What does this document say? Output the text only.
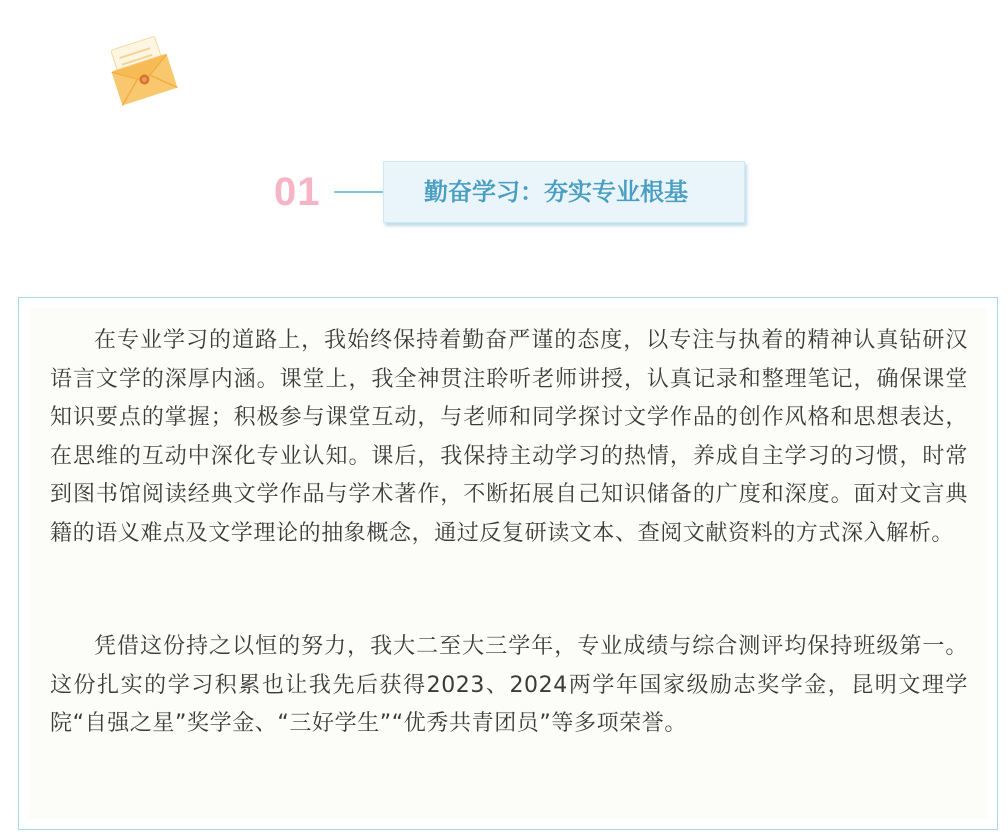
01	勤奋学习：夯实专业根基

在专业学习的道路上，我始终保持着勤奋严谨的态度，以专注与执着的精神认真钻研汉语言文学的深厚内涵。课堂上，我全神贯注聆听老师讲授，认真记录和整理笔记，确保课堂知识要点的掌握；积极参与课堂互动，与老师和同学探讨文学作品的创作风格和思想表达，在思维的互动中深化专业认知。课后，我保持主动学习的热情，养成自主学习的习惯，时常到图书馆阅读经典文学作品与学术著作，不断拓展自己知识储备的广度和深度。面对文言典籍的语义难点及文学理论的抽象概念，通过反复研读文本、查阅文献资料的方式深入解析。

凭借这份持之以恒的努力，我大二至大三学年，专业成绩与综合测评均保持班级第一。这份扎实的学习积累也让我先后获得2023、2024两学年国家级励志奖学金，昆明文理学院“自强之星”奖学金、“三好学生”“优秀共青团员”等多项荣誉。
